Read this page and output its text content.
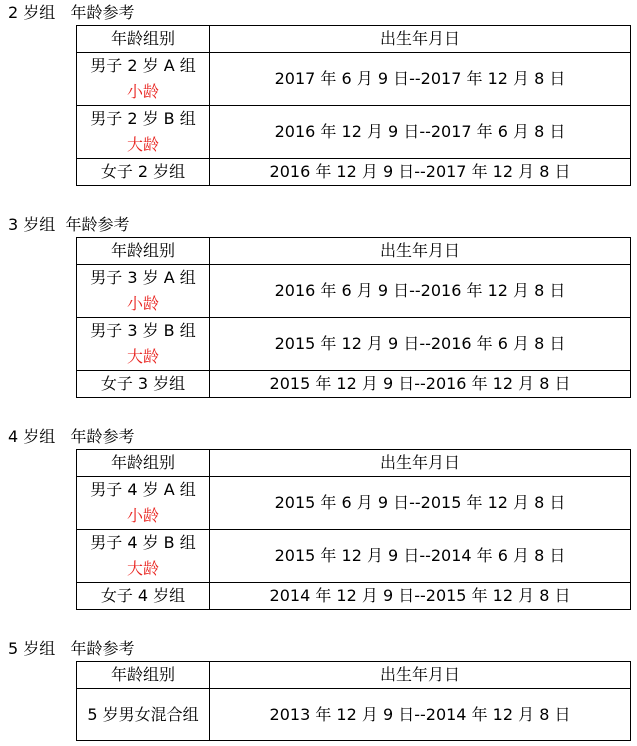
2 岁组   年龄参考
年龄组别	出生年月日

男子 2 岁 A 组
小龄	2017 年 6 月 9 日--2017 年 12 月 8 日

男子 2 岁 B 组
大龄	2016 年 12 月 9 日--2017 年 6 月 8 日
女子 2 岁组	2016 年 12 月 9 日--2017 年 12 月 8 日
3 岁组  年龄参考
年龄组别	出生年月日

男子 3 岁 A 组
小龄	2016 年 6 月 9 日--2016 年 12 月 8 日

男子 3 岁 B 组
大龄	2015 年 12 月 9 日--2016 年 6 月 8 日
女子 3 岁组	2015 年 12 月 9 日--2016 年 12 月 8 日
4 岁组   年龄参考
年龄组别	出生年月日

男子 4 岁 A 组
小龄	2015 年 6 月 9 日--2015 年 12 月 8 日

男子 4 岁 B 组
大龄	2015 年 12 月 9 日--2014 年 6 月 8 日
女子 4 岁组	2014 年 12 月 9 日--2015 年 12 月 8 日
5 岁组   年龄参考
年龄组别	出生年月日
5 岁男女混合组	2013 年 12 月 9 日--2014 年 12 月 8 日
